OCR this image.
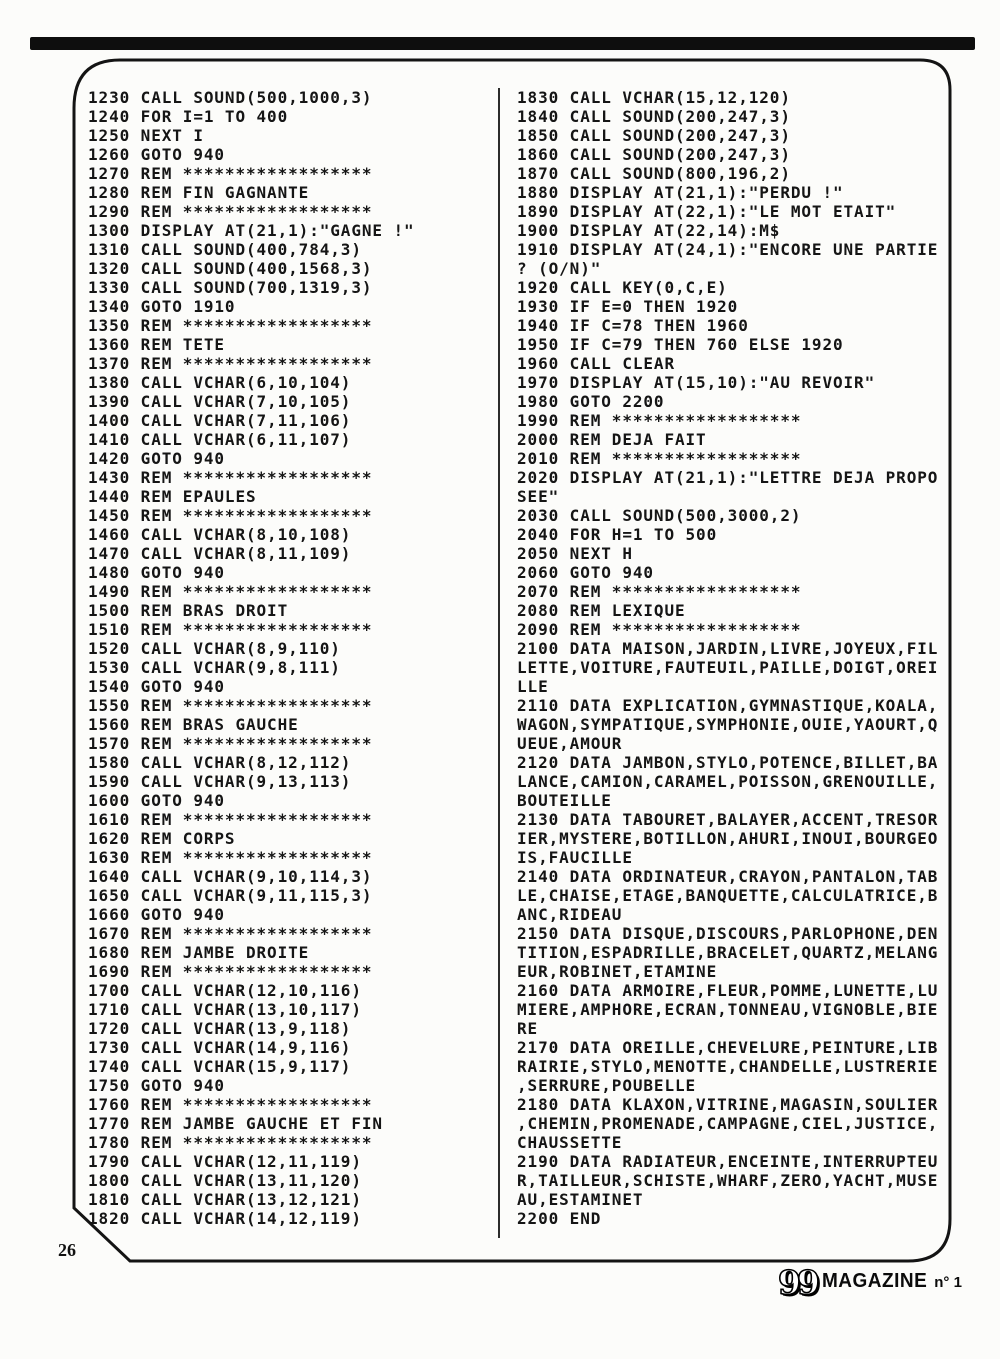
1230 CALL SOUND(500,1000,3)
1240 FOR I=1 TO 400
1250 NEXT I
1260 GOTO 940
1270 REM ******************
1280 REM FIN GAGNANTE
1290 REM ******************
1300 DISPLAY AT(21,1):"GAGNE !"
1310 CALL SOUND(400,784,3)
1320 CALL SOUND(400,1568,3)
1330 CALL SOUND(700,1319,3)
1340 GOTO 1910
1350 REM ******************
1360 REM TETE
1370 REM ******************
1380 CALL VCHAR(6,10,104)
1390 CALL VCHAR(7,10,105)
1400 CALL VCHAR(7,11,106)
1410 CALL VCHAR(6,11,107)
1420 GOTO 940
1430 REM ******************
1440 REM EPAULES
1450 REM ******************
1460 CALL VCHAR(8,10,108)
1470 CALL VCHAR(8,11,109)
1480 GOTO 940
1490 REM ******************
1500 REM BRAS DROIT
1510 REM ******************
1520 CALL VCHAR(8,9,110)
1530 CALL VCHAR(9,8,111)
1540 GOTO 940
1550 REM ******************
1560 REM BRAS GAUCHE
1570 REM ******************
1580 CALL VCHAR(8,12,112)
1590 CALL VCHAR(9,13,113)
1600 GOTO 940
1610 REM ******************
1620 REM CORPS
1630 REM ******************
1640 CALL VCHAR(9,10,114,3)
1650 CALL VCHAR(9,11,115,3)
1660 GOTO 940
1670 REM ******************
1680 REM JAMBE DROITE
1690 REM ******************
1700 CALL VCHAR(12,10,116)
1710 CALL VCHAR(13,10,117)
1720 CALL VCHAR(13,9,118)
1730 CALL VCHAR(14,9,116)
1740 CALL VCHAR(15,9,117)
1750 GOTO 940
1760 REM ******************
1770 REM JAMBE GAUCHE ET FIN
1780 REM ******************
1790 CALL VCHAR(12,11,119)
1800 CALL VCHAR(13,11,120)
1810 CALL VCHAR(13,12,121)
1820 CALL VCHAR(14,12,119)
1830 CALL VCHAR(15,12,120)
1840 CALL SOUND(200,247,3)
1850 CALL SOUND(200,247,3)
1860 CALL SOUND(200,247,3)
1870 CALL SOUND(800,196,2)
1880 DISPLAY AT(21,1):"PERDU !"
1890 DISPLAY AT(22,1):"LE MOT ETAIT"
1900 DISPLAY AT(22,14):M$
1910 DISPLAY AT(24,1):"ENCORE UNE PARTIE
? (O/N)"
1920 CALL KEY(0,C,E)
1930 IF E=0 THEN 1920
1940 IF C=78 THEN 1960
1950 IF C=79 THEN 760 ELSE 1920
1960 CALL CLEAR
1970 DISPLAY AT(15,10):"AU REVOIR"
1980 GOTO 2200
1990 REM ******************
2000 REM DEJA FAIT
2010 REM ******************
2020 DISPLAY AT(21,1):"LETTRE DEJA PROPO
SEE"
2030 CALL SOUND(500,3000,2)
2040 FOR H=1 TO 500
2050 NEXT H
2060 GOTO 940
2070 REM ******************
2080 REM LEXIQUE
2090 REM ******************
2100 DATA MAISON,JARDIN,LIVRE,JOYEUX,FIL
LETTE,VOITURE,FAUTEUIL,PAILLE,DOIGT,OREI
LLE
2110 DATA EXPLICATION,GYMNASTIQUE,KOALA,
WAGON,SYMPATIQUE,SYMPHONIE,OUIE,YAOURT,Q
UEUE,AMOUR
2120 DATA JAMBON,STYLO,POTENCE,BILLET,BA
LANCE,CAMION,CARAMEL,POISSON,GRENOUILLE,
BOUTEILLE
2130 DATA TABOURET,BALAYER,ACCENT,TRESOR
IER,MYSTERE,BOTILLON,AHURI,INOUI,BOURGEO
IS,FAUCILLE
2140 DATA ORDINATEUR,CRAYON,PANTALON,TAB
LE,CHAISE,ETAGE,BANQUETTE,CALCULATRICE,B
ANC,RIDEAU
2150 DATA DISQUE,DISCOURS,PARLOPHONE,DEN
TITION,ESPADRILLE,BRACELET,QUARTZ,MELANG
EUR,ROBINET,ETAMINE
2160 DATA ARMOIRE,FLEUR,POMME,LUNETTE,LU
MIERE,AMPHORE,ECRAN,TONNEAU,VIGNOBLE,BIE
RE
2170 DATA OREILLE,CHEVELURE,PEINTURE,LIB
RAIRIE,STYLO,MENOTTE,CHANDELLE,LUSTRERIE
,SERRURE,POUBELLE
2180 DATA KLAXON,VITRINE,MAGASIN,SOULIER
,CHEMIN,PROMENADE,CAMPAGNE,CIEL,JUSTICE,
CHAUSSETTE
2190 DATA RADIATEUR,ENCEINTE,INTERRUPTEU
R,TAILLEUR,SCHISTE,WHARF,ZERO,YACHT,MUSE
AU,ESTAMINET
2200 END
26
99 MAGAZINE n° 1
